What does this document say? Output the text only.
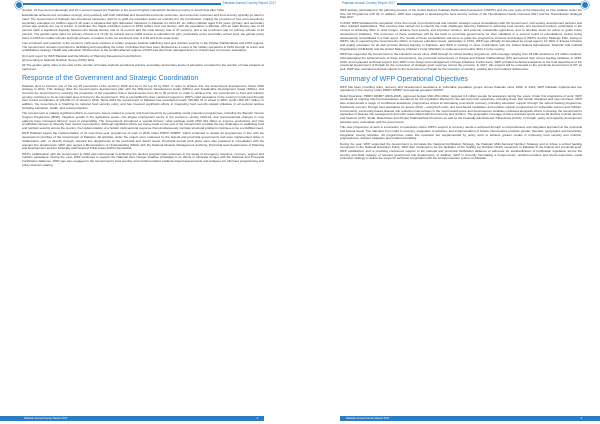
Pakistan Annual Country Report 2017

stunted, 31.5 percent underweight and 15.1 percent wasted [2]. Pakistan is the second highest malnutrition burdened country in South Asia after India.

Educational achievement correlates strongly, and positively with both individual and household economic outcomes, and economic outcomes and food security typically go hand in hand. The Government of Pakistan has introduced necessary reforms to uplift the education sector as enshrined in the Constitution, making the provision of free and compulsory secondary education for children aged 5-16 years a fundamental right. Education indicators in Pakistan for 2014-15, six million children aged 5-16 years (primary and secondary school age groups) are out of school. In particular, the fragile education system in FATA suffers from low literacy, with the population is illiterate, with an adult literacy rate of 24 percent (with a significant disparity between the female literacy rate of 11 percent and the male literacy rate of 37 percent), and a net enrolment rate for primary schools of 42 percent. The gender parity index for primary schools is 0.74 [3]. As cultural norms inhibit access to education for girls, particularly at the secondary school level, the gender parity index in FATA for middle schools and high schools, in relation to the net enrolment rate, is 0.60 and 0.16 respectively.

Low enrolment and retention in the country's north-west continue to hinder progress towards stabilizing food and nutrition security in the Khyber Pakhtunkhwa and FATA regions. The Government remains committed to facilitating and expediting the return of families that have been displaced as a result of the military operations in FATA through its return and rehabilitation strategy. Health and education infrastructure in the conflict-affected regions of FATA has also been damaged and is in critical need of recovery assistance.

[1] A joint report by WFP Pakistan and the Ministry of Planning Development and Reform.

[2] According to National Nutrition Survey (NNS) 2011.

[3] The gender parity index is the ratio of the number of female students enrolled at primary, secondary and tertiary levels of education compared to the number of male students at each level.

Response of the Government and Strategic Coordination

Pakistan aims to become one of the top 25 economies of the world by 2025 and be in the top 10 by 2047. In order to achieve this, the Government developed its Vision 2025 strategy in 2014. This strategy links the Government's development plan with the Millennium Development Goals (MDGs) and Sustainable Development Goals (SDGs), and commits the Government to reducing the proportion of the population that is food-insecure from 60 to 30 percent. In order to achieve this, the commitment to food and nutrition security continues to be an important area of focus for the Government. This is exemplified by their continued support to WFP's relief assistance in the country's north-west through their in-kind contribution of 124,000 mt of wheat in 2016. Since 2013 the Government of Pakistan has contributed nearly 700,000 mt of wheat to WFP, worth USD 257 million. In addition, the Government is finalizing its national food security policy and has invested significant efforts in integrating food security-related initiatives in all sectoral policies including education, health, and social protection.

The Government is making significant efforts to overcome issues related to poverty and food insecurity by expanding social protection programmes, including the Benazir Income Support Programme (BISP). Negative growth in the agriculture sector—the largest employment sector in the economy—during 2015-16, and unprecedented changes in crop patterns have increased farmers' level of vulnerability. The Government introduced a special farmers' relief package worth PKR 341 billion to improve productivity and help smallholder farmers to diversify their means of production. Although significant efforts are being made on the part of the Government to tackle the key challenges to stabilizing food and nutrition security across the country, the implementation of a holistic multi-sectoral response that simultaneously combats structural problems continues to be a unfulfilled need.

WFP Pakistan began the implementation of its new three-year programme of work in 2016 under PRRO 200867, which continued to situate all programmes in line with the development priorities of the Government of Pakistan. All activities under the project were endorsed by the federal and provincial governments and were implemented either in collaboration with, or directly through, relevant line departments at the provincial and district levels. Provincial annual work plans were also prepared in consultation with the relevant line departments. WFP also signed a Memorandum of Understanding (MOU) with the National Disaster Management Authority, Provincial level departments of Planning and Development and the Federally Administered Tribal Areas (FATA) Secretariat.

WFP's collaboration with the Government in 2016 was instrumental in achieving the desired programmatic outcomes in the areas of emergency response, recovery, support and nutrition assistance. During the year, WFP continued to support the National Zero Hunger Initiative (Khawaja) in its efforts to eliminate hunger with the National and Provincial Fortification Alliances. WFP was also engaged in the Government's food security and nutrition-related evidence-based assessments and analyses for informed programming and policy decision-making.

Pakistan Annual Country Report 2017	3
Pakistan Annual Country Report 2017

WFP actively participated in the planning process of the United Nations Pakistan Partnership Framework (UNPPF) and the new cycle of the Delivering as One initiative under the One UN Programme (OP III). In addition, WFP also engaged in developing the food security section of the Humanitarian Needs Overview 2017 and the Humanitarian Strategic Plan 2017.

In 2016, WFP facilitated the completion of the first round of provincial food and nutrition strategic review consultations with the Government, civil society, development partners and other relevant stakeholders. This exercise was carried out to identify the main challenges faced by Pakistan in achieving food security and improved nutrition, particularly in the context of achieving SDG 2—End hunger, achieve food security and improved nutrition, and promote sustainable agriculture, and to prioritise areas for action to guide future development initiatives. The outcomes of these workshops will be fed back to provincial governments for their validation in a second round of consultations, before being subsequently consolidated in a final report. The results of these consultations will serve to guide the programme structure and design of WFP's Country Strategic Plan. Owing to WFP's role in supporting the Government's efforts to improve education levels, particularly in FATA, WFP was officially incorporated as a lead agency for SDG 4: Ensure inclusive and quality education for all and promote lifelong learning in Pakistan, and WFP is working in close coordination with the United Nations Educational, Scientific and Cultural Organization (UNESCO) and the United Nations Children's Fund (UNICEF) to implement and realize SDG 4 in the country.

WFP has supported the Government in the education sector since 1995 through its school feeding programme, with coverage ranging from 25,000 students to 2.5 million students. Acknowledging the achievements of these interventions, the provincial Government of Punjab and Khyber Pakhtunkhwa (KP) announced their school feeding initiatives in 2015-2016, and requested technical support from WFP in the design and management of these initiatives. Furthermore, WFP provided technical assistance to the food department of the provincial Government of Punjab for the conversion of strategic grain reserves across the province. In 2017, this support will be extended to the provincial Government of KP, as well. WFP also extended technical support to the Government of Punjab for the reduction of stunting, wasting and micronutrient deficiencies.

Summary of WFP Operational Objectives

WFP has been providing relief, recovery and development assistance to vulnerable population groups across Pakistan since 1968. In 2016, WFP Pakistan implemented two operations in the country under PRRO 200867 and special operation 200707.

Relief Operation: PRRO 200867 (2016-2018), approved budget USD 454 million, targeted 3.4 million people for assistance during five years. Under this programme of work, WFP continued its ongoing relief food assistance operations for the population affected by the law and order operations, including those that remain displaced and new returnees. WFP also implemented a range of conditional assistance programmes aimed at stimulating post-shock recovery, including education support through the school feeding programme; livelihoods recovery through food assistance for assets (FFA) – using both cash- and food-based modalities; and nutrition support programmes for vulnerable women and children. Concurrently, community-based disaster risk reduction interventions in the most hazard-prone and food-insecure localities continued alongside efforts to develop the Government's capacities in disaster risk management and other areas linked with food security and nutrition. The geographic coverage of these activities spans across 40 districts in Azad Jammu and Kashmir (AJK), Sindh, Balochistan and Khyber Pakhtunkhwa Provinces as well as the Federally Administered Tribal Areas (FATA). In Punjab, policy and capacity development activities were undertaken with the government.

This new programme of work is a transition of operations where WFP's support to recovery needs is achieved through a comprehensive and integrated approach at the provincial and federal levels. The transition from relief to recovery, integration of activities, and implementation of holistic interventions prioritise gender, thematic, geographic and beneficiary integration among activities. All programmes under this operation are supplemented by policy work to achieve greater results in improving food security and nutrition, preparedness, disaster mitigation and resilience-building.

During the year, WFP supported the Government to formulate the National Fortification Strategy, the Pakistan Multi-Sectoral Nutrition Strategy and to infuse a school feeding component in the National Education Policy. WFP also continued to be the facilitator of the Scaling Up Nutrition (SUN) movement in Pakistan at the federal and provincial level. WFP established, and is providing continuous support to the national and provincial fortification alliances to advocate for standardization of fortification legislation across the country and build capacity of relevant government line departments. In addition, WFP is currently formulating a hunger-smart, nutrition-sensitive and shock-responsive social protection strategy to define the scope for technical cooperation with the social protection system in Pakistan.

Pakistan Annual Country Report 2017	4
